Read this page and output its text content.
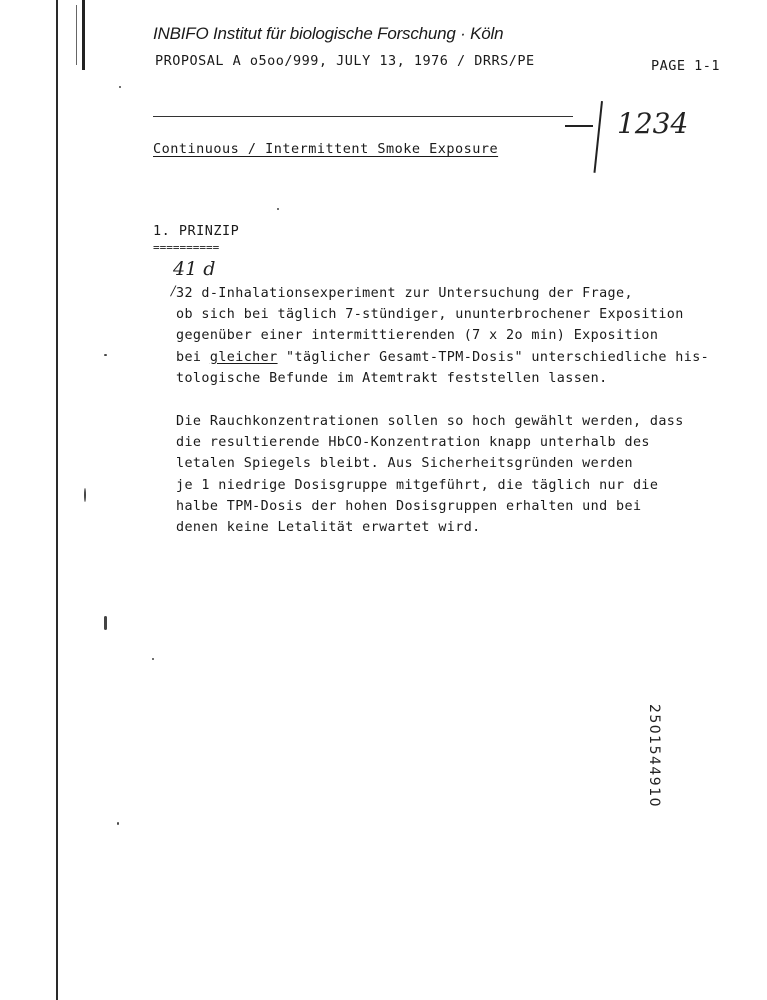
INBIFO Institut für biologische Forschung · Köln
PROPOSAL A o5oo/999, JULY 13, 1976 / DRRS/PE	PAGE 1-1
1234
Continuous / Intermittent Smoke Exposure
1. PRINZIP
==========
41 d
/ 32 d-Inhalationsexperiment zur Untersuchung der Frage,
ob sich bei täglich 7-stündiger, ununterbrochener Exposition
gegenüber einer intermittierenden (7 x 2o min) Exposition
bei gleicher "täglicher Gesamt-TPM-Dosis" unterschiedliche his-
tologische Befunde im Atemtrakt feststellen lassen.
Die Rauchkonzentrationen sollen so hoch gewählt werden, dass
die resultierende HbCO-Konzentration knapp unterhalb des
letalen Spiegels bleibt. Aus Sicherheitsgründen werden
je 1 niedrige Dosisgruppe mitgeführt, die täglich nur die
halbe TPM-Dosis der hohen Dosisgruppen erhalten und bei
denen keine Letalität erwartet wird.
2501544910
